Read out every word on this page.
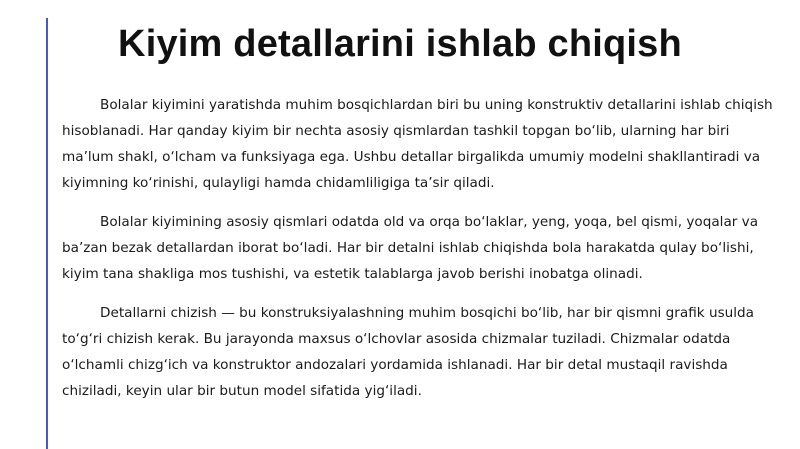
Kiyim detallarini ishlab chiqish

Bolalar kiyimini yaratishda muhim bosqichlardan biri bu uning konstruktiv detallarini ishlab chiqish hisoblanadi. Har qanday kiyim bir nechta asosiy qismlardan tashkil topgan bo‘lib, ularning har biri ma’lum shakl, o‘lcham va funksiyaga ega. Ushbu detallar birgalikda umumiy modelni shakllantiradi va kiyimning ko‘rinishi, qulayligi hamda chidamliligiga ta’sir qiladi.

Bolalar kiyimining asosiy qismlari odatda old va orqa bo‘laklar, yeng, yoqa, bel qismi, yoqalar va ba’zan bezak detallardan iborat bo‘ladi. Har bir detalni ishlab chiqishda bola harakatda qulay bo‘lishi, kiyim tana shakliga mos tushishi, va estetik talablarga javob berishi inobatga olinadi.

Detallarni chizish — bu konstruksiyalashning muhim bosqichi bo‘lib, har bir qismni grafik usulda to‘g‘ri chizish kerak. Bu jarayonda maxsus o‘lchovlar asosida chizmalar tuziladi. Chizmalar odatda o‘lchamli chizg‘ich va konstruktor andozalari yordamida ishlanadi. Har bir detal mustaqil ravishda chiziladi, keyin ular bir butun model sifatida yig‘iladi.
